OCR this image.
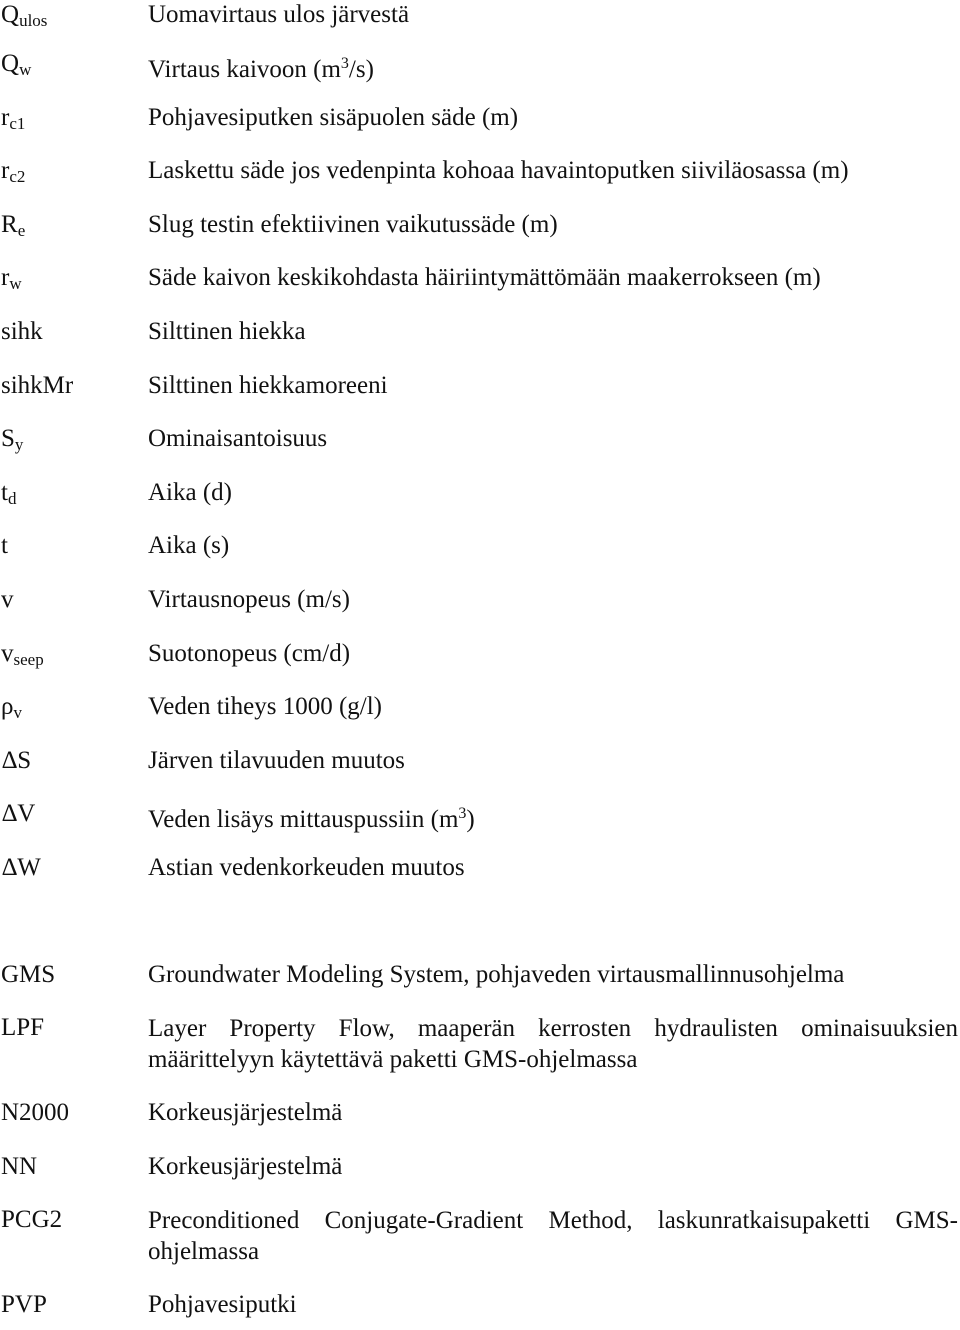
$Q_{ulos}$	Uomavirtaus ulos järvestä
$Q_w$	Virtaus kaivoon $(m^3/s)$
$r_{c1}$	Pohjavesiputken sisäpuolen säde (m)
$r_{c2}$	Laskettu säde jos vedenpinta kohoaa havaintoputken siiviläosassa (m)
$R_e$	Slug testin efektiivinen vaikutussäde (m)
$r_w$	Säde kaivon keskikohdasta häiriintymättömään maakerrokseen (m)
sihk	Silttinen hiekka
sihkMr	Silttinen hiekkamoreeni
$S_y$	Ominaisantoisuus
$t_d$	Aika (d)
t	Aika (s)
v	Virtausnopeus (m/s)
$v_{seep}$	Suotonopeus (cm/d)
$\rho_v$	Veden tiheys 1000 (g/l)
∆S	Järven tilavuuden muutos
∆V	Veden lisäys mittauspussiin $(m^3)$
∆W	Astian vedenkorkeuden muutos
GMS	Groundwater Modeling System, pohjaveden virtausmallinnusohjelma
LPF	Layer Property Flow, maaperän kerrosten hydraulisten ominaisuuksien määrittelyyn käytettävä paketti GMS-ohjelmassa
N2000	Korkeusjärjestelmä
NN	Korkeusjärjestelmä
PCG2	Preconditioned Conjugate-Gradient Method, laskunratkaisupaketti GMS-ohjelmassa
PVP	Pohjavesiputki
